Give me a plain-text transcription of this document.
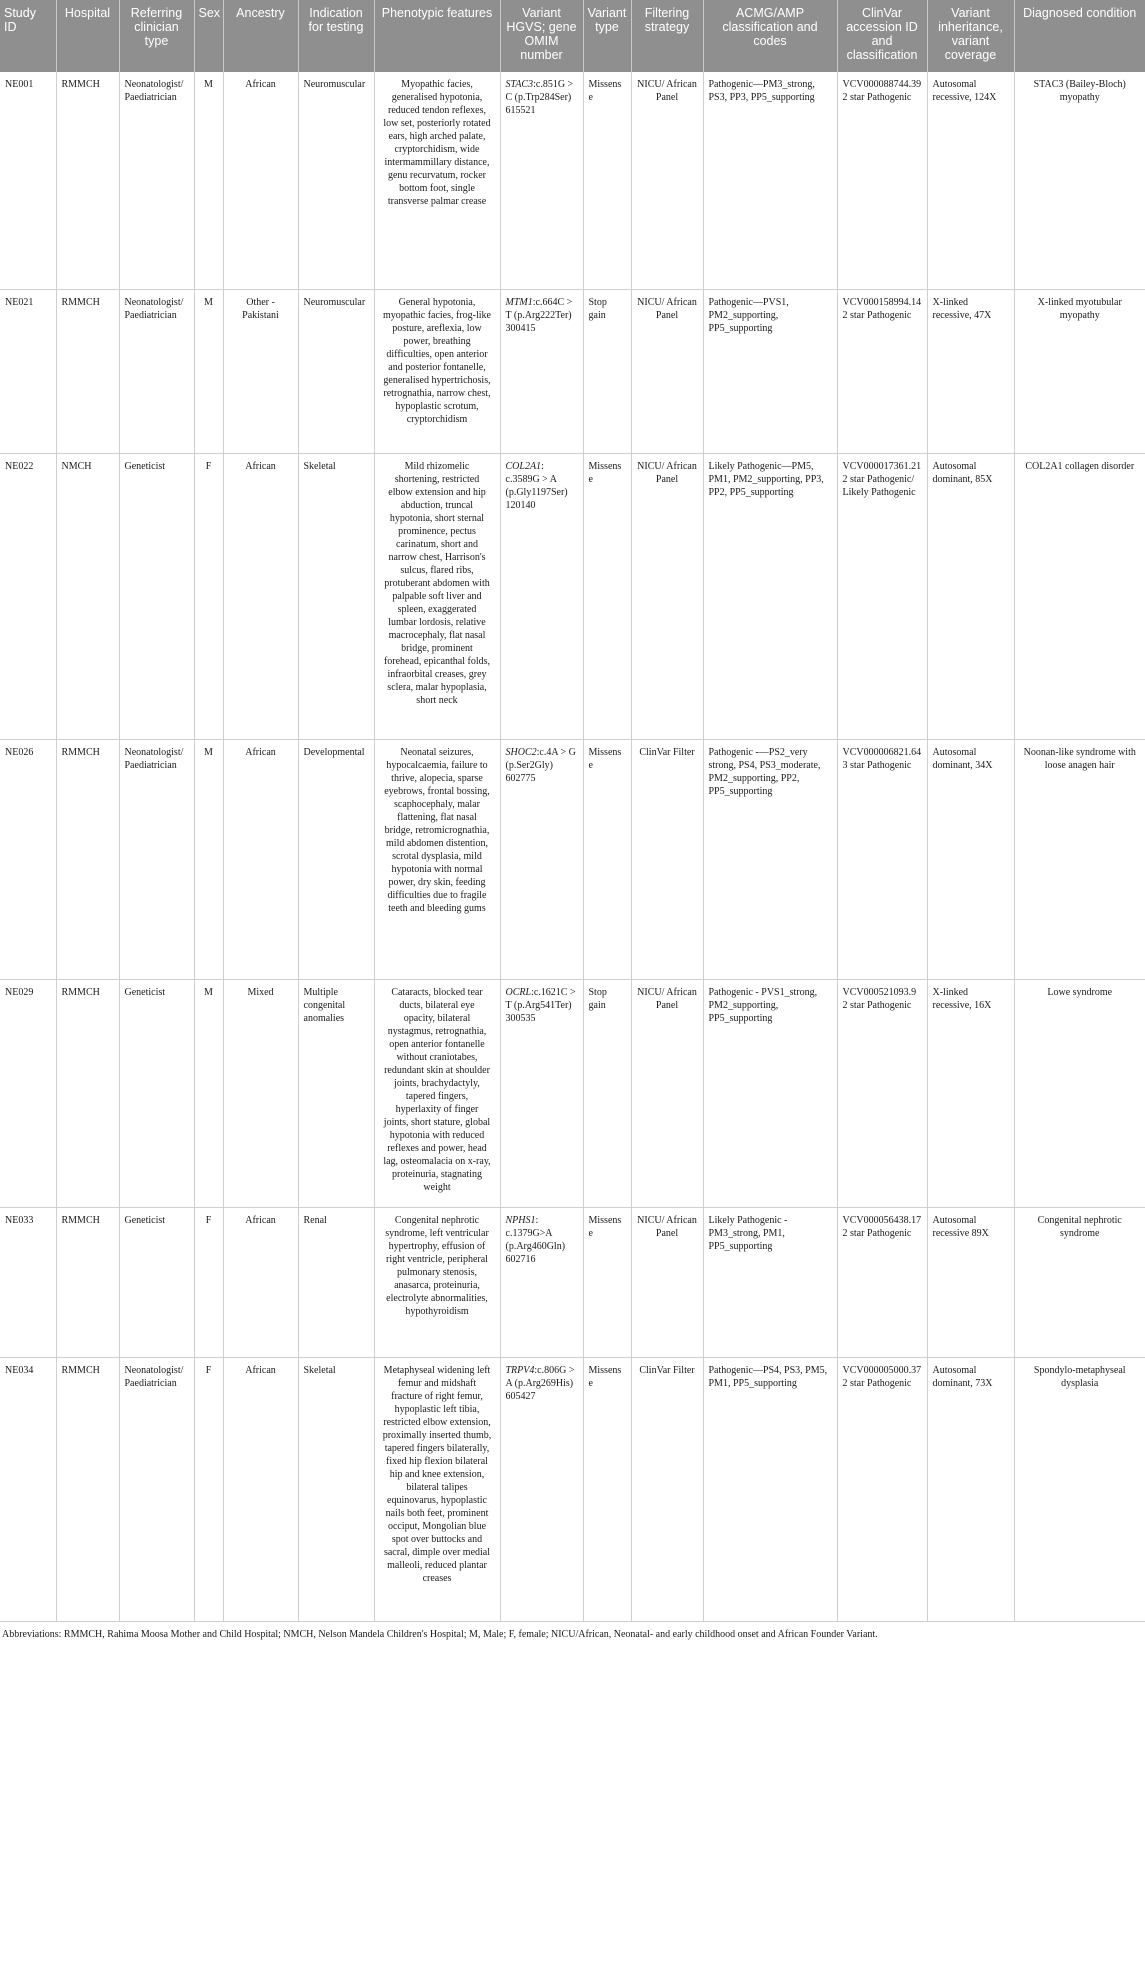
Study ID	Hospital	Referring clinician type	Sex	Ancestry	Indication for testing	Phenotypic features	Variant HGVS; gene OMIM number	Variant type	Filtering strategy	ACMG/AMP classification and codes	ClinVar accession ID and classification	Variant inheritance, variant coverage	Diagnosed condition
NE001	RMMCH	Neonatologist/ Paediatrician	M	African	Neuromuscular	Myopathic facies, generalised hypotonia, reduced tendon reflexes, low set, posteriorly rotated ears, high arched palate, cryptorchidism, wide intermammillary distance, genu recurvatum, rocker bottom foot, single transverse palmar crease	STAC3:c.851G > C (p.Trp284Ser) 615521	Missense	NICU/ African Panel	Pathogenic—PM3_strong, PS3, PP3, PP5_supporting	VCV000088744.39 2 star Pathogenic	Autosomal recessive, 124X	STAC3 (Bailey-Bloch) myopathy
NE021	RMMCH	Neonatologist/ Paediatrician	M	Other - Pakistani	Neuromuscular	General hypotonia, myopathic facies, frog-like posture, areflexia, low power, breathing difficulties, open anterior and posterior fontanelle, generalised hypertrichosis, retrognathia, narrow chest, hypoplastic scrotum, cryptorchidism	MTM1:c.664C > T (p.Arg222Ter) 300415	Stop gain	NICU/ African Panel	Pathogenic—PVS1, PM2_supporting, PP5_supporting	VCV000158994.14 2 star Pathogenic	X-linked recessive, 47X	X-linked myotubular myopathy
NE022	NMCH	Geneticist	F	African	Skeletal	Mild rhizomelic shortening, restricted elbow extension and hip abduction, truncal hypotonia, short sternal prominence, pectus carinatum, short and narrow chest, Harrison's sulcus, flared ribs, protuberant abdomen with palpable soft liver and spleen, exaggerated lumbar lordosis, relative macrocephaly, flat nasal bridge, prominent forehead, epicanthal folds, infraorbital creases, grey sclera, malar hypoplasia, short neck	COL2A1: c.3589G > A (p.Gly1197Ser) 120140	Missense	NICU/ African Panel	Likely Pathogenic—PM5, PM1, PM2_supporting, PP3, PP2, PP5_supporting	VCV000017361.21 2 star Pathogenic/ Likely Pathogenic	Autosomal dominant, 85X	COL2A1 collagen disorder
NE026	RMMCH	Neonatologist/ Paediatrician	M	African	Developmental	Neonatal seizures, hypocalcaemia, failure to thrive, alopecia, sparse eyebrows, frontal bossing, scaphocephaly, malar flattening, flat nasal bridge, retromicrognathia, mild abdomen distention, scrotal dysplasia, mild hypotonia with normal power, dry skin, feeding difficulties due to fragile teeth and bleeding gums	SHOC2:c.4A > G (p.Ser2Gly) 602775	Missense	ClinVar Filter	Pathogenic -—PS2_very strong, PS4, PS3_moderate, PM2_supporting, PP2, PP5_supporting	VCV000006821.64 3 star Pathogenic	Autosomal dominant, 34X	Noonan-like syndrome with loose anagen hair
NE029	RMMCH	Geneticist	M	Mixed	Multiple congenital anomalies	Cataracts, blocked tear ducts, bilateral eye opacity, bilateral nystagmus, retrognathia, open anterior fontanelle without craniotabes, redundant skin at shoulder joints, brachydactyly, tapered fingers, hyperlaxity of finger joints, short stature, global hypotonia with reduced reflexes and power, head lag, osteomalacia on x-ray, proteinuria, stagnating weight	OCRL:c.1621C > T (p.Arg541Ter) 300535	Stop gain	NICU/ African Panel	Pathogenic - PVS1_strong, PM2_supporting, PP5_supporting	VCV000521093.9 2 star Pathogenic	X-linked recessive, 16X	Lowe syndrome
NE033	RMMCH	Geneticist	F	African	Renal	Congenital nephrotic syndrome, left ventricular hypertrophy, effusion of right ventricle, peripheral pulmonary stenosis, anasarca, proteinuria, electrolyte abnormalities, hypothyroidism	NPHS1: c.1379G>A (p.Arg460Gln) 602716	Missense	NICU/ African Panel	Likely Pathogenic - PM3_strong, PM1, PP5_supporting	VCV000056438.17 2 star Pathogenic	Autosomal recessive 89X	Congenital nephrotic syndrome
NE034	RMMCH	Neonatologist/ Paediatrician	F	African	Skeletal	Metaphyseal widening left femur and midshaft fracture of right femur, hypoplastic left tibia, restricted elbow extension, proximally inserted thumb, tapered fingers bilaterally, fixed hip flexion bilateral hip and knee extension, bilateral talipes equinovarus, hypoplastic nails both feet, prominent occiput, Mongolian blue spot over buttocks and sacral, dimple over medial malleoli, reduced plantar creases	TRPV4:c.806G > A (p.Arg269His) 605427	Missense	ClinVar Filter	Pathogenic—PS4, PS3, PM5, PM1, PP5_supporting	VCV000005000.37 2 star Pathogenic	Autosomal dominant, 73X	Spondylo-metaphyseal dysplasia
Abbreviations: RMMCH, Rahima Moosa Mother and Child Hospital; NMCH, Nelson Mandela Children's Hospital; M, Male; F, female; NICU/African, Neonatal- and early childhood onset and African Founder Variant.
